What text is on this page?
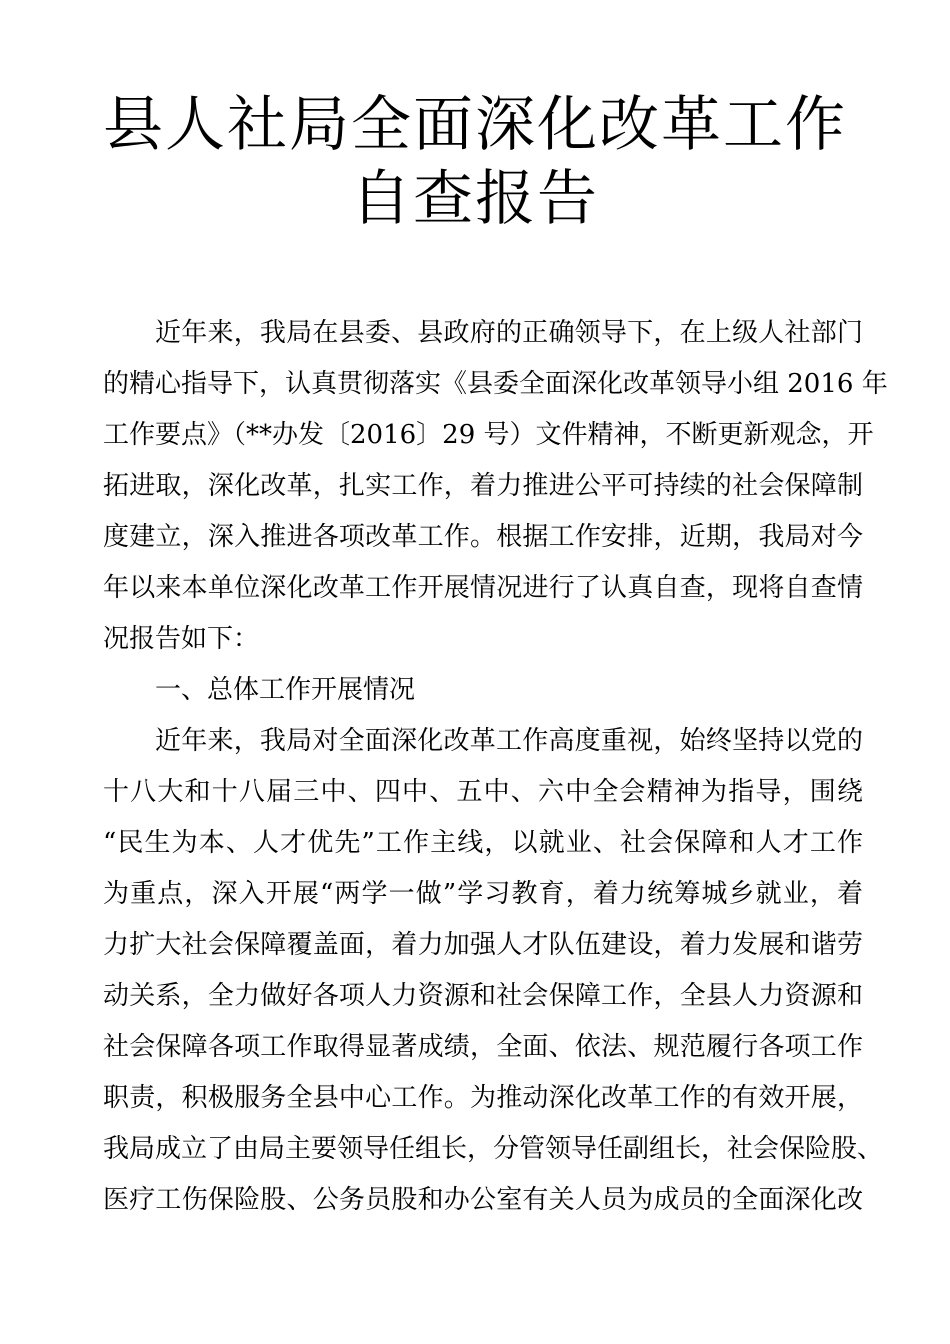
县人社局全面深化改革工作
自查报告
近年来，我局在县委、县政府的正确领导下，在上级人社部门
的精心指导下，认真贯彻落实《县委全面深化改革领导小组 2016 年
工作要点》（**办发〔2016〕29 号）文件精神，不断更新观念，开
拓进取，深化改革，扎实工作，着力推进公平可持续的社会保障制
度建立，深入推进各项改革工作。根据工作安排，近期，我局对今
年以来本单位深化改革工作开展情况进行了认真自查，现将自查情
况报告如下：
一、总体工作开展情况
近年来，我局对全面深化改革工作高度重视，始终坚持以党的
十八大和十八届三中、四中、五中、六中全会精神为指导，围绕
“民生为本、人才优先”工作主线，以就业、社会保障和人才工作
为重点，深入开展“两学一做”学习教育，着力统筹城乡就业，着
力扩大社会保障覆盖面，着力加强人才队伍建设，着力发展和谐劳
动关系，全力做好各项人力资源和社会保障工作，全县人力资源和
社会保障各项工作取得显著成绩，全面、依法、规范履行各项工作
职责，积极服务全县中心工作。为推动深化改革工作的有效开展，
我局成立了由局主要领导任组长，分管领导任副组长，社会保险股、
医疗工伤保险股、公务员股和办公室有关人员为成员的全面深化改
